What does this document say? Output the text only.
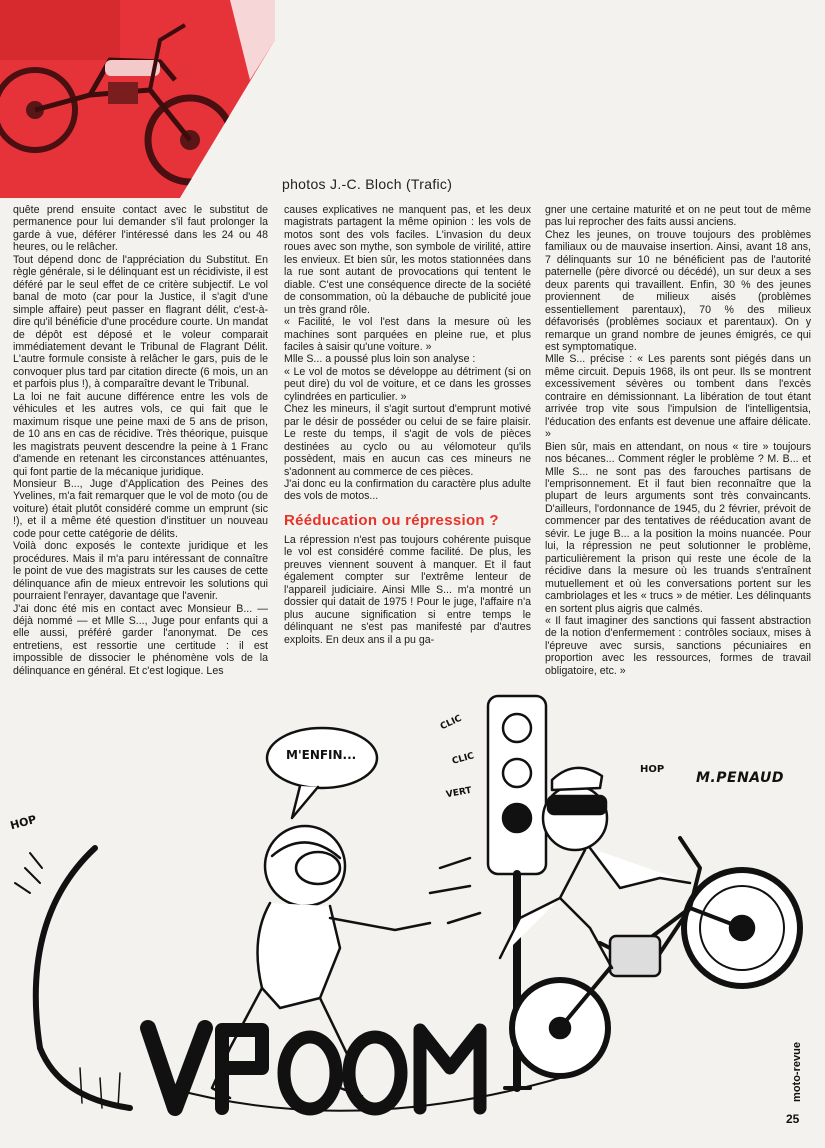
photos J.-C. Bloch (Trafic)

quête prend ensuite contact avec le substitut de permanence pour lui demander s'il faut prolonger la garde à vue, déférer l'intéressé dans les 24 ou 48 heures, ou le relâcher.

Tout dépend donc de l'appréciation du Substitut. En règle générale, si le délinquant est un récidiviste, il est déféré par le seul effet de ce critère subjectif. Le vol banal de moto (car pour la Justice, il s'agit d'une simple affaire) peut passer en flagrant délit, c'est-à-dire qu'il bénéficie d'une procédure courte. Un mandat de dépôt est déposé et le voleur comparait immédiatement devant le Tribunal de Flagrant Délit. L'autre formule consiste à relâcher le gars, puis de le convoquer plus tard par citation directe (6 mois, un an et parfois plus !), à comparaître devant le Tribunal.

La loi ne fait aucune différence entre les vols de véhicules et les autres vols, ce qui fait que le maximum risque une peine maxi de 5 ans de prison, de 10 ans en cas de récidive. Très théorique, puisque les magistrats peuvent descendre la peine à 1 Franc d'amende en retenant les circonstances atténuantes, qui font partie de la mécanique juridique.

Monsieur B..., Juge d'Application des Peines des Yvelines, m'a fait remarquer que le vol de moto (ou de voiture) était plutôt considéré comme un emprunt (sic !), et il a même été question d'instituer un nouveau code pour cette catégorie de délits.

Voilà donc exposés le contexte juridique et les procédures. Mais il m'a paru intéressant de connaître le point de vue des magistrats sur les causes de cette délinquance afin de mieux entrevoir les solutions qui pourraient l'enrayer, davantage que l'avenir.

J'ai donc été mis en contact avec Monsieur B... — déjà nommé — et Mlle S..., Juge pour enfants qui a elle aussi, préféré garder l'anonymat. De ces entretiens, est ressortie une certitude : il est impossible de dissocier le phénomène vols de la délinquance en général. Et c'est logique. Les

causes explicatives ne manquent pas, et les deux magistrats partagent la même opinion : les vols de motos sont des vols faciles. L'invasion du deux roues avec son mythe, son symbole de virilité, attire les envieux. Et bien sûr, les motos stationnées dans la rue sont autant de provocations qui tentent le diable. C'est une conséquence directe de la société de consommation, où la débauche de publicité joue un très grand rôle.

« Facilité, le vol l'est dans la mesure où les machines sont parquées en pleine rue, et plus faciles à saisir qu'une voiture. »

Mlle S... a poussé plus loin son analyse :

« Le vol de motos se développe au détriment (si on peut dire) du vol de voiture, et ce dans les grosses cylindrées en particulier. »

Chez les mineurs, il s'agit surtout d'emprunt motivé par le désir de posséder ou celui de se faire plaisir. Le reste du temps, il s'agit de vols de pièces destinées au cyclo ou au vélomoteur qu'ils possèdent, mais en aucun cas ces mineurs ne s'adonnent au commerce de ces pièces.

J'ai donc eu la confirmation du caractère plus adulte des vols de motos...

Rééducation ou répression ?

La répression n'est pas toujours cohérente puisque le vol est considéré comme facilité. De plus, les preuves viennent souvent à manquer. Et il faut également compter sur l'extrême lenteur de l'appareil judiciaire. Ainsi Mlle S... m'a montré un dossier qui datait de 1975 ! Pour le juge, l'affaire n'a plus aucune signification si entre temps le délinquant ne s'est pas manifesté par d'autres exploits. En deux ans il a pu ga-

gner une certaine maturité et on ne peut tout de même pas lui reprocher des faits aussi anciens.

Chez les jeunes, on trouve toujours des problèmes familiaux ou de mauvaise insertion. Ainsi, avant 18 ans, 7 délinquants sur 10 ne bénéficient pas de l'autorité paternelle (père divorcé ou décédé), un sur deux a ses deux parents qui travaillent. Enfin, 30 % des jeunes proviennent de milieux aisés (problèmes essentiellement parentaux), 70 % des milieux défavorisés (problèmes sociaux et parentaux). On y remarque un grand nombre de jeunes émigrés, ce qui est symptomatique.

Mlle S... précise : « Les parents sont piégés dans un même circuit. Depuis 1968, ils ont peur. Ils se montrent excessivement sévères ou tombent dans l'excès contraire en démissionnant. La libération de tout étant arrivée trop vite sous l'impulsion de l'intelligentsia, l'éducation des enfants est devenue une affaire délicate. »

Bien sûr, mais en attendant, on nous « tire » toujours nos bécanes... Comment régler le problème ? M. B... et Mlle S... ne sont pas des farouches partisans de l'emprisonnement. Et il faut bien reconnaître que la plupart de leurs arguments sont très convaincants. D'ailleurs, l'ordonnance de 1945, du 2 février, prévoit de commencer par des tentatives de rééducation avant de sévir. Le juge B... a la position la moins nuancée. Pour lui, la répression ne peut solutionner le problème, particulièrement la prison qui reste une école de la récidive dans la mesure où les truands s'entraînent mutuellement et où les conversations portent sur les cambriolages et les « trucs » de métier. Les délinquants en sortent plus aigris que calmés.

« Il faut imaginer des sanctions qui fassent abstraction de la notion d'enfermement : contrôles sociaux, mises à l'épreuve avec sursis, sanctions pécuniaires en proportion avec les ressources, formes de travail obligatoire, etc. »

M'ENFIN...
CLIC
CLIC
VERT
HOP
HOP
M.PENAUD
moto-revue
25
